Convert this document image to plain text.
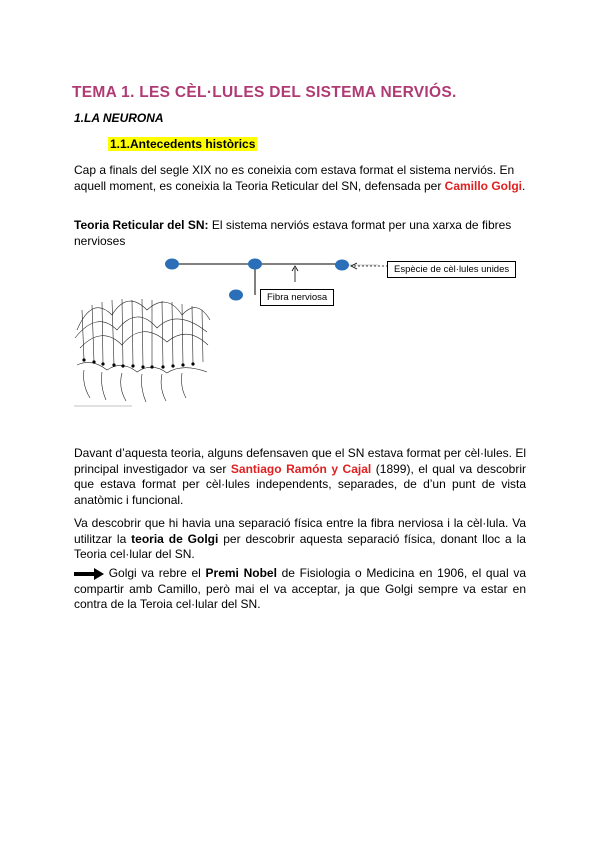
TEMA 1. LES CÈL·LULES DEL SISTEMA NERVIÓS.
1.LA NEURONA
1.1.Antecedents històrics
Cap a finals del segle XIX no es coneixia com estava format el sistema nerviós. En aquell moment, es coneixia la Teoria Reticular del SN, defensada per Camillo Golgi.
Teoria Reticular del SN: El sistema nerviós estava format per una xarxa de fibres nervioses
Espècie de cèl·lules unides
Fibra nerviosa
Davant d’aquesta teoria, alguns defensaven que el SN estava format per cèl·lules. El principal investigador va ser Santiago Ramón y Cajal (1899), el qual va descobrir que estava format per cèl·lules independents, separades, de d’un punt de vista anatòmic i funcional.
Va descobrir que hi havia una separació física entre la fibra nerviosa i la cèl·lula. Va utilitzar la teoria de Golgi per descobrir aquesta separació física, donant lloc a la Teoria cel·lular del SN.
Golgi va rebre el Premi Nobel de Fisiologia o Medicina en 1906, el qual va compartir amb Camillo, però mai el va acceptar, ja que Golgi sempre va estar en contra de la Teroia cel·lular del SN.
